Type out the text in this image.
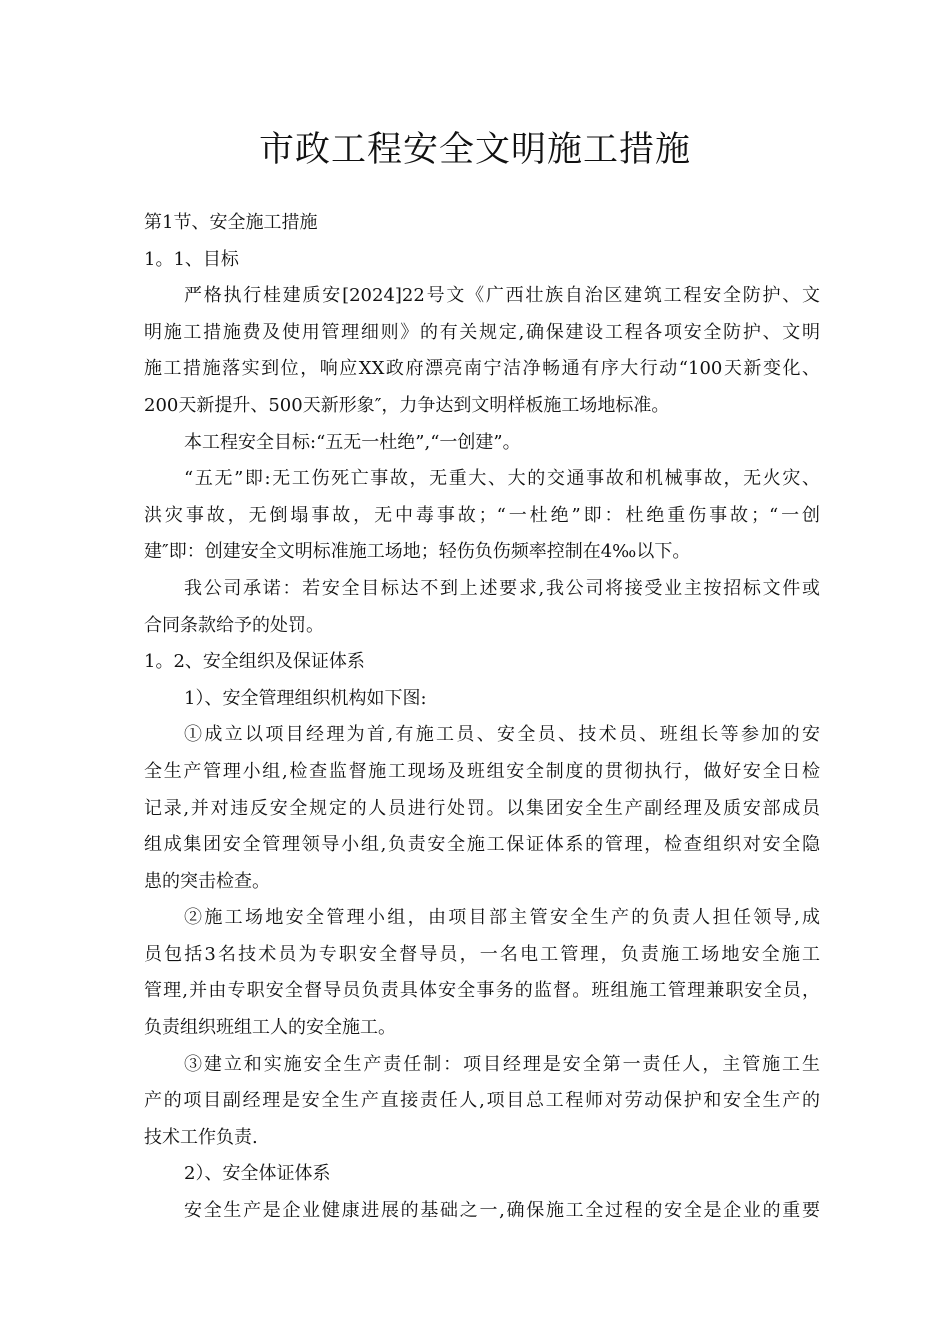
市政工程安全文明施工措施
第1节、安全施工措施
1。1、目标
严格执行桂建质安[2024]22号文《广西壮族自治区建筑工程安全防护、文
明施工措施费及使用管理细则》的有关规定,确保建设工程各项安全防护、文明
施工措施落实到位，响应XX政府漂亮南宁洁净畅通有序大行动“100天新变化、
200天新提升、500天新形象″，力争达到文明样板施工场地标准。
本工程安全目标:“五无一杜绝”,“一创建”。
“五无”即:无工伤死亡事故，无重大、大的交通事故和机械事故，无火灾、
洪灾事故，无倒塌事故，无中毒事故；“一杜绝”即：杜绝重伤事故；“一创
建″即：创建安全文明标准施工场地；轻伤负伤频率控制在4‰以下。
我公司承诺：若安全目标达不到上述要求,我公司将接受业主按招标文件或
合同条款给予的处罚。
1。2、安全组织及保证体系
1）、安全管理组织机构如下图:
①成立以项目经理为首,有施工员、安全员、技术员、班组长等参加的安
全生产管理小组,检查监督施工现场及班组安全制度的贯彻执行，做好安全日检
记录,并对违反安全规定的人员进行处罚。以集团安全生产副经理及质安部成员
组成集团安全管理领导小组,负责安全施工保证体系的管理，检查组织对安全隐
患的突击检查。
②施工场地安全管理小组，由项目部主管安全生产的负责人担任领导,成
员包括3名技术员为专职安全督导员，一名电工管理，负责施工场地安全施工
管理,并由专职安全督导员负责具体安全事务的监督。班组施工管理兼职安全员，
负责组织班组工人的安全施工。
③建立和实施安全生产责任制：项目经理是安全第一责任人，主管施工生
产的项目副经理是安全生产直接责任人,项目总工程师对劳动保护和安全生产的
技术工作负责.
2）、安全体证体系
安全生产是企业健康进展的基础之一,确保施工全过程的安全是企业的重要
